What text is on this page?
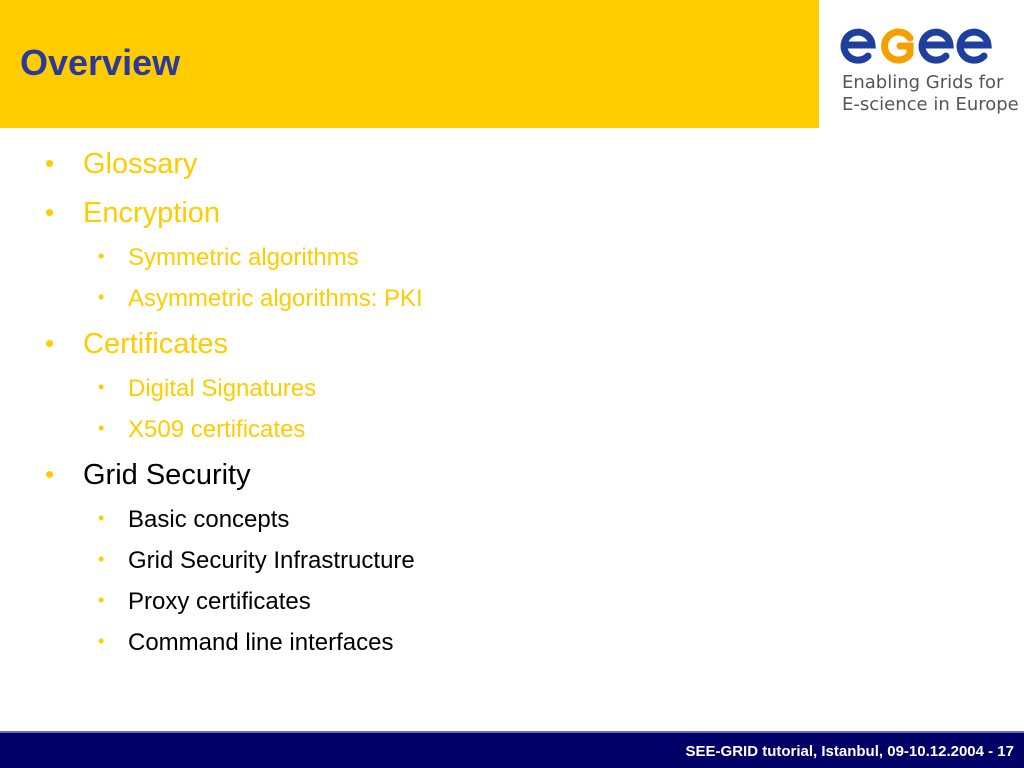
Overview	Enabling Grids for
E-science in Europe
• Glossary
• Encryption
• Symmetric algorithms
• Asymmetric algorithms: PKI
• Certificates
• Digital Signatures
• X509 certificates
• Grid Security
• Basic concepts
• Grid Security Infrastructure
• Proxy certificates
• Command line interfaces
SEE-GRID tutorial, Istanbul, 09-10.12.2004 - 17
